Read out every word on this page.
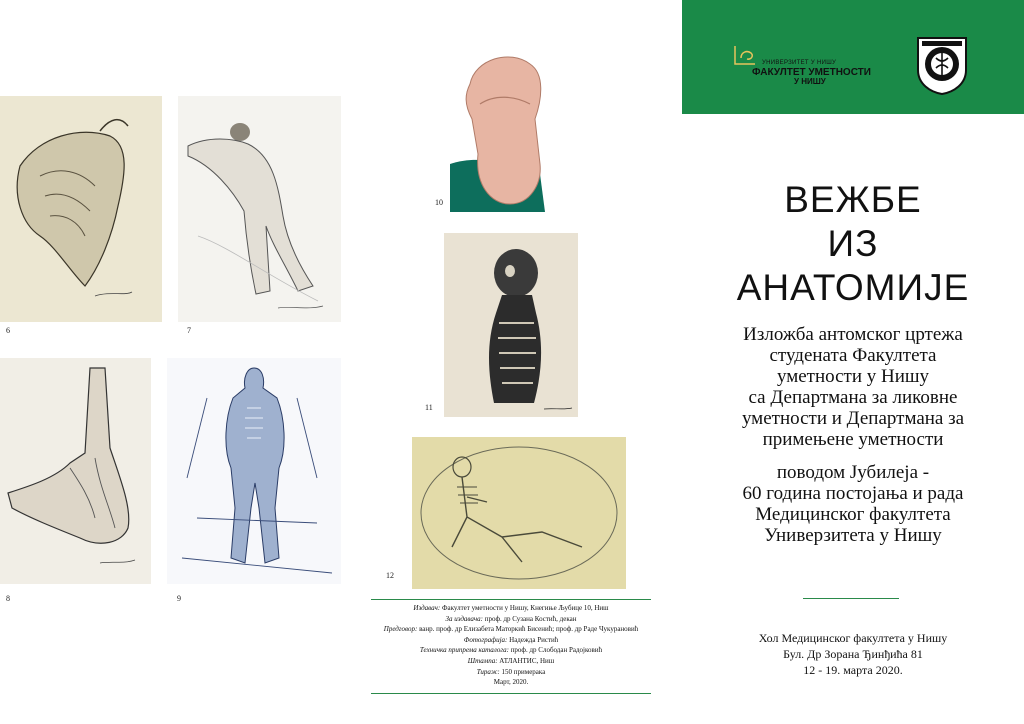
6	7
8	9
10
11
12
Издавач: Факултет уметности у Нишу, Кнегиње Љубице 10, Ниш
За издавача: проф. др Сузана Костић, декан
Предговор: ванр. проф. др Елизабета Маторкић Бисенић; проф. др Раде Чукурановић
Фотографија: Надежда Ристић
Техничка припрема каталога: проф. др Слободан Радојковић
Штампа: АТЛАНТИС, Ниш
Тираж: 150 примерака
Март, 2020.
УНИВЕРЗИТЕТ У НИШУ
ФАКУЛТЕТ УМЕТНОСТИ
У НИШУ
ВЕЖБЕ
ИЗ
АНАТОМИЈЕ
Изложба антомског цртежа
студената Факултета
уметности у Нишу
са Департмана за ликовне
уметности и Департмана за
примењене уметности
поводом Јубилеја -
60 година постојања и рада
Медицинског факултета
Универзитета у Нишу
Хол Медицинског факултета у Нишу
Бул. Др Зорана Ђинђића 81
12 - 19. марта 2020.
